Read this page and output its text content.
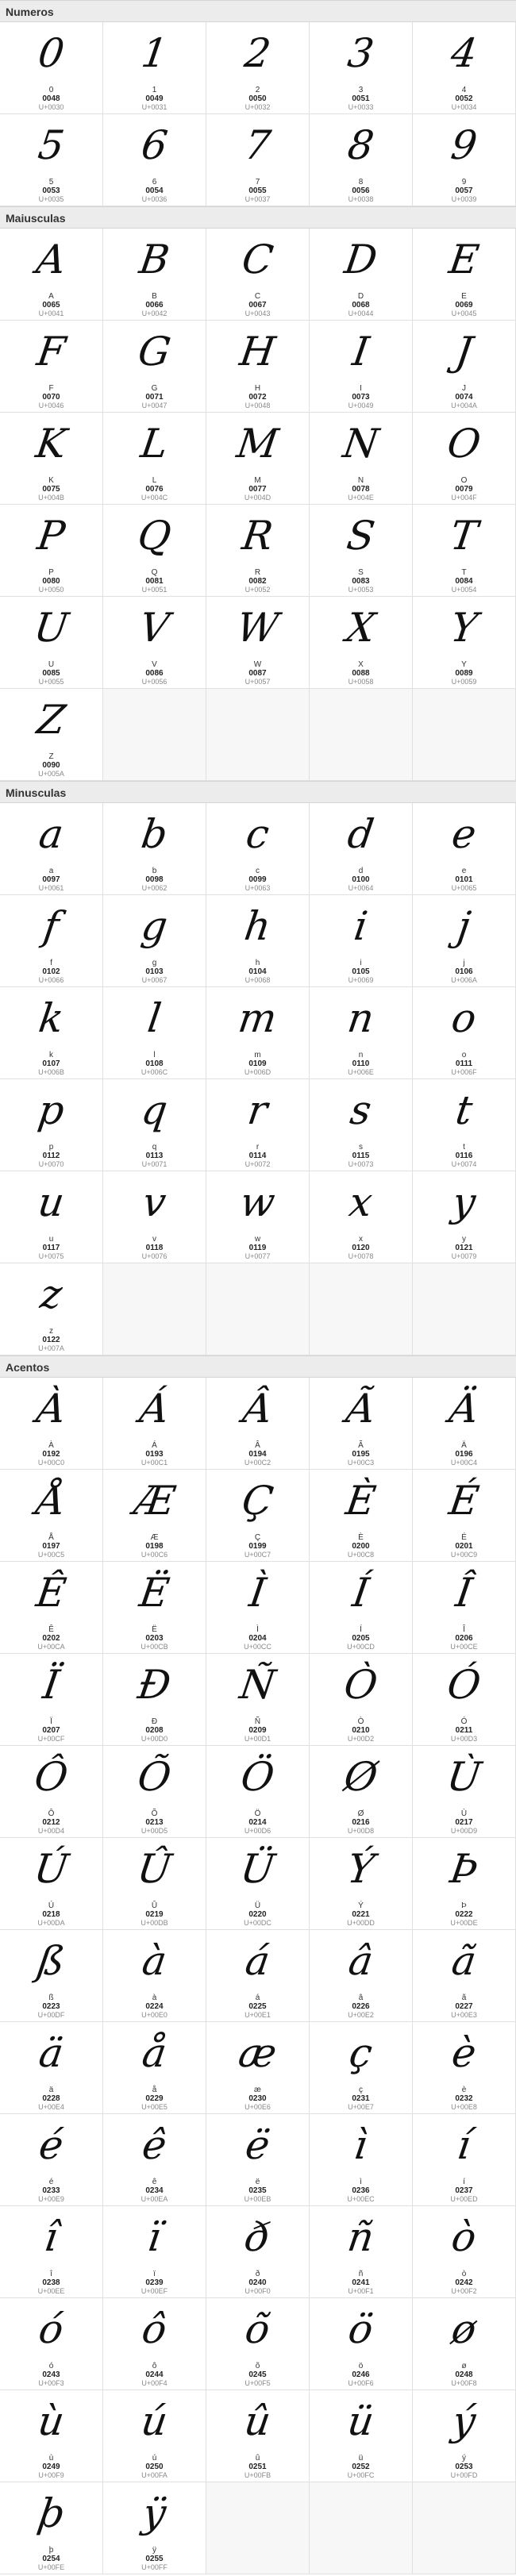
Numeros
0
0
0048
U+0030
1
1
0049
U+0031
2
2
0050
U+0032
3
3
0051
U+0033
4
4
0052
U+0034
5
5
0053
U+0035
6
6
0054
U+0036
7
7
0055
U+0037
8
8
0056
U+0038
9
9
0057
U+0039
Maiusculas
A
A
0065
U+0041
B
B
0066
U+0042
C
C
0067
U+0043
D
D
0068
U+0044
E
E
0069
U+0045
F
F
0070
U+0046
G
G
0071
U+0047
H
H
0072
U+0048
I
I
0073
U+0049
J
J
0074
U+004A
K
K
0075
U+004B
L
L
0076
U+004C
M
M
0077
U+004D
N
N
0078
U+004E
O
O
0079
U+004F
P
P
0080
U+0050
Q
Q
0081
U+0051
R
R
0082
U+0052
S
S
0083
U+0053
T
T
0084
U+0054
U
U
0085
U+0055
V
V
0086
U+0056
W
W
0087
U+0057
X
X
0088
U+0058
Y
Y
0089
U+0059
Z
Z
0090
U+005A
Minusculas
a
a
0097
U+0061
b
b
0098
U+0062
c
c
0099
U+0063
d
d
0100
U+0064
e
e
0101
U+0065
f
f
0102
U+0066
g
g
0103
U+0067
h
h
0104
U+0068
i
i
0105
U+0069
j
j
0106
U+006A
k
k
0107
U+006B
l
l
0108
U+006C
m
m
0109
U+006D
n
n
0110
U+006E
o
o
0111
U+006F
p
p
0112
U+0070
q
q
0113
U+0071
r
r
0114
U+0072
s
s
0115
U+0073
t
t
0116
U+0074
u
u
0117
U+0075
v
v
0118
U+0076
w
w
0119
U+0077
x
x
0120
U+0078
y
y
0121
U+0079
z
z
0122
U+007A
Acentos
À
À
0192
U+00C0
Á
Á
0193
U+00C1
Â
Â
0194
U+00C2
Ã
Ã
0195
U+00C3
Ä
Ä
0196
U+00C4
Å
Å
0197
U+00C5
Æ
Æ
0198
U+00C6
Ç
Ç
0199
U+00C7
È
È
0200
U+00C8
É
É
0201
U+00C9
Ê
Ê
0202
U+00CA
Ë
Ë
0203
U+00CB
Ì
Ì
0204
U+00CC
Í
Í
0205
U+00CD
Î
Î
0206
U+00CE
Ï
Ï
0207
U+00CF
Ð
Ð
0208
U+00D0
Ñ
Ñ
0209
U+00D1
Ò
Ò
0210
U+00D2
Ó
Ó
0211
U+00D3
Ô
Ô
0212
U+00D4
Õ
Õ
0213
U+00D5
Ö
Ö
0214
U+00D6
Ø
Ø
0216
U+00D8
Ù
Ù
0217
U+00D9
Ú
Ú
0218
U+00DA
Û
Û
0219
U+00DB
Ü
Ü
0220
U+00DC
Ý
Ý
0221
U+00DD
Þ
Þ
0222
U+00DE
ß
ß
0223
U+00DF
à
à
0224
U+00E0
á
á
0225
U+00E1
â
â
0226
U+00E2
ã
ã
0227
U+00E3
ä
ä
0228
U+00E4
å
å
0229
U+00E5
æ
æ
0230
U+00E6
ç
ç
0231
U+00E7
è
è
0232
U+00E8
é
é
0233
U+00E9
ê
ê
0234
U+00EA
ë
ë
0235
U+00EB
ì
ì
0236
U+00EC
í
í
0237
U+00ED
î
î
0238
U+00EE
ï
ï
0239
U+00EF
ð
ð
0240
U+00F0
ñ
ñ
0241
U+00F1
ò
ò
0242
U+00F2
ó
ó
0243
U+00F3
ô
ô
0244
U+00F4
õ
õ
0245
U+00F5
ö
ö
0246
U+00F6
ø
ø
0248
U+00F8
ù
ù
0249
U+00F9
ú
ú
0250
U+00FA
û
û
0251
U+00FB
ü
ü
0252
U+00FC
ý
ý
0253
U+00FD
þ
þ
0254
U+00FE
ÿ
ÿ
0255
U+00FF
